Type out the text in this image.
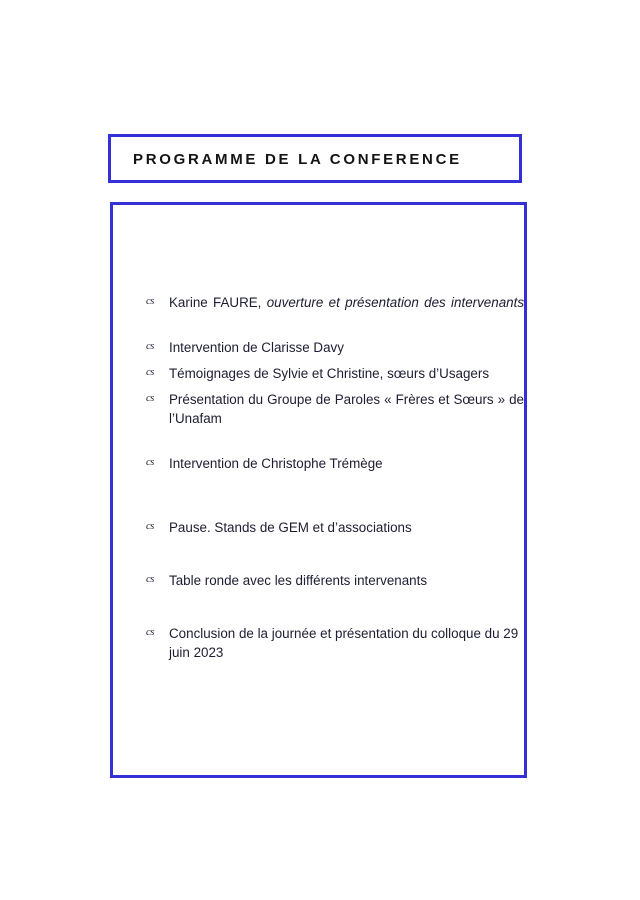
PROGRAMME DE LA CONFERENCE
cs Karine FAURE, ouverture et présentation des intervenants
cs Intervention de Clarisse Davy
cs Témoignages de Sylvie et Christine, sœurs d’Usagers
cs Présentation du Groupe de Paroles « Frères et Sœurs » de l’Unafam
cs Intervention de Christophe Trémège
cs Pause. Stands de GEM et d’associations
cs Table ronde avec les différents intervenants
cs Conclusion de la journée et présentation du colloque du 29 juin 2023
